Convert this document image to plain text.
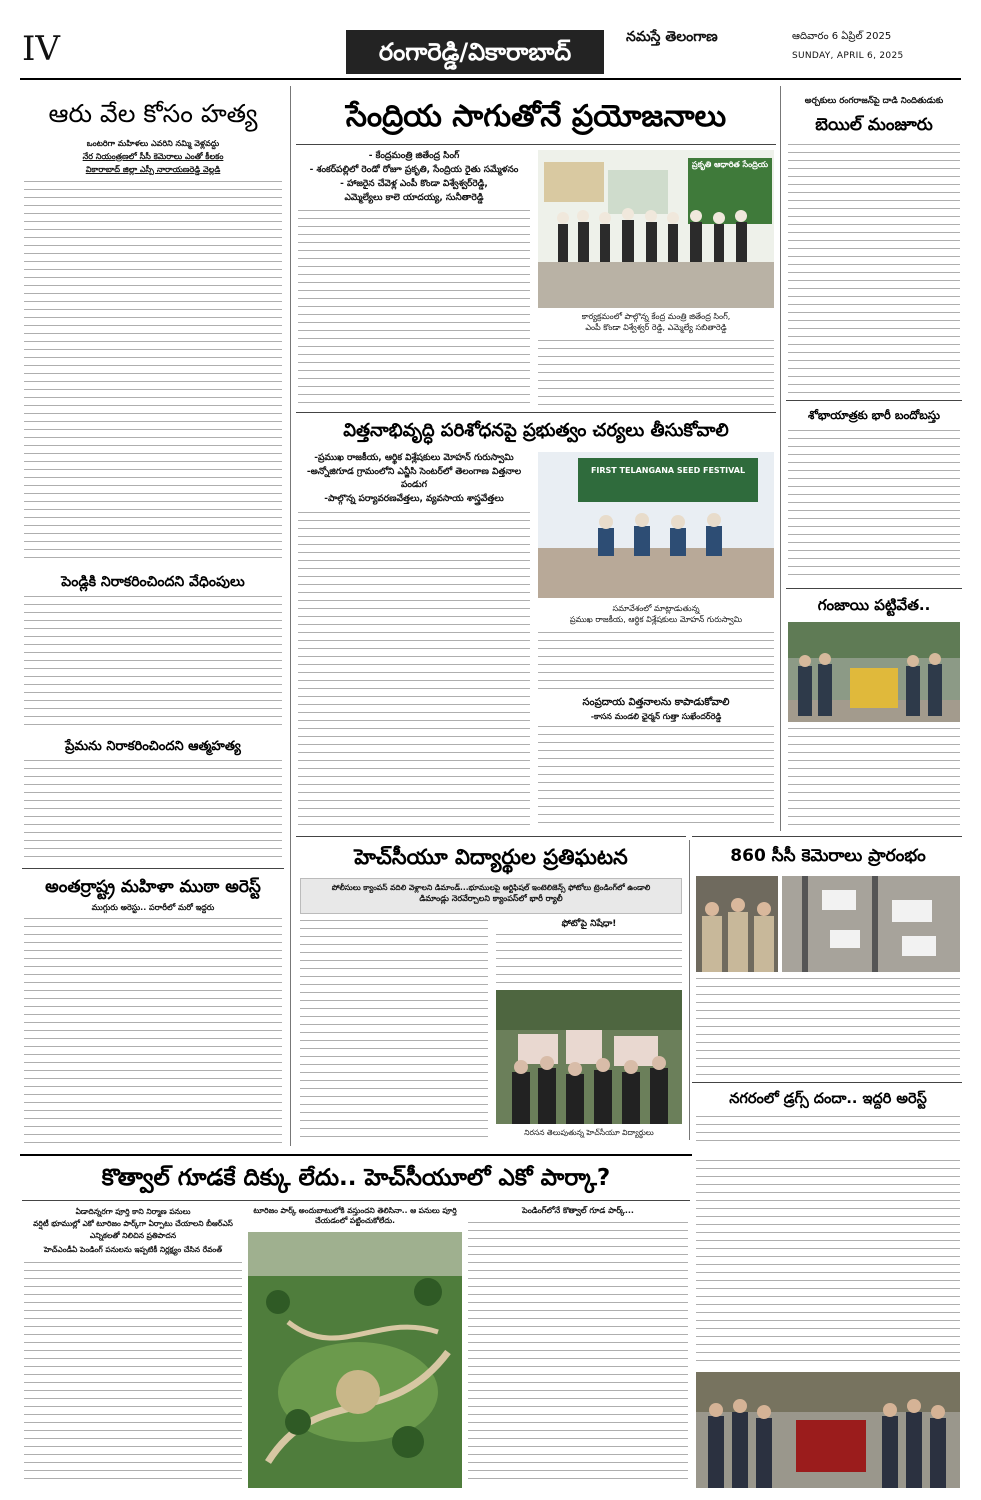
IV	రంగారెడ్డి/వికారాబాద్
నమస్తే తెలంగాణ	ఆదివారం 6 ఏప్రిల్ 2025
SUNDAY, APRIL 6, 2025
ఆరు వేల కోసం హత్య
ఒంటరిగా మహిళలు ఎవరిని నమ్మి వెళ్లవద్దు
నేర నియంత్రణలో సీసీ కెమెరాలు ఎంతో కీలకం
వికారాబాద్ జిల్లా ఎస్పీ నారాయణరెడ్డి వెల్లడి
పెండ్లికి నిరాకరించిందని వేధింపులు
ప్రేమను నిరాకరించిందని ఆత్మహత్య
అంతర్రాష్ట్ర మహిళా ముఠా అరెస్ట్
ముగ్గురు అరెస్టు.. పరారీలో మరో ఇద్దరు
సేంద్రియ సాగుతోనే ప్రయోజనాలు
- కేంద్రమంత్రి జితేంద్ర సింగ్
- శంకర్‌పల్లిలో రెండో రోజూ ప్రకృతి, సేంద్రియ రైతు సమ్మేళనం
- హాజరైన చేవెళ్ల ఎంపీ కొండా విశ్వేశ్వర్‌రెడ్డి,
ఎమ్మెల్యేలు కాలె యాదయ్య, సునీతారెడ్డి
ప్రకృతి ఆధారిత సేంద్రియ
కార్యక్రమంలో పాల్గొన్న కేంద్ర మంత్రి జితేంద్ర సింగ్,
ఎంపీ కొండా విశ్వేశ్వర్ రెడ్డి, ఎమ్మెల్యే సబితారెడ్డి
విత్తనాభివృద్ధి పరిశోధనపై ప్రభుత్వం చర్యలు తీసుకోవాలి
-ప్రముఖ రాజకీయ, ఆర్థిక విశ్లేషకులు మోహన్ గురుస్వామి
-అన్నోజిగూడ గ్రామంలోని ఎన్జీసి సెంటర్‌లో తెలంగాణ విత్తనాల పండుగ
-పాల్గొన్న పర్యావరణవేత్తలు, వ్యవసాయ శాస్త్రవేత్తలు
FIRST TELANGANA SEED FESTIVAL
సమావేశంలో మాట్లాడుతున్న
ప్రముఖ రాజకీయ, ఆర్థిక విశ్లేషకులు మోహన్ గురుస్వామి
సంప్రదాయ విత్తనాలను కాపాడుకోవాలి
-కాసన మండలి ఛైర్మన్ గుత్తా సుఖేందర్‌రెడ్డి
హెచ్‌సీయూ విద్యార్థుల ప్రతిఘటన
పోలీసులు క్యాంపస్ వదిలి వెళ్లాలని డిమాండ్...భూములపై ఆర్టిఫిషల్ ఇంటెలిజెన్స్ ఫోటోలు ట్రెండింగ్‌లో ఉండాలి
డిమాండ్లు నెరవేర్చాలని క్యాంపస్‌లో భారీ ర్యాలీ
ఫోటోపై నిషేధా!
నిరసన తెలుపుతున్న హెచ్‌సీయూ విద్యార్థులు
అర్చకులు రంగరాజన్‌పై దాడి నిందితుడుకు
బెయిల్ మంజూరు
శోభాయాత్రకు భారీ బందోబస్తు
గంజాయి పట్టివేత..
860 సీసీ కెమెరాలు ప్రారంభం
నగరంలో డ్రగ్స్ దందా.. ఇద్దరి అరెస్ట్
కొత్వాల్ గూడకే దిక్కు లేదు.. హెచ్‌సీయూలో ఎకో పార్కా?
ఏడాదిన్నరగా పూర్తి కాని నిర్మాణ పనులు
వర్షిటీ భూముల్లో ఎకో టూరిజం పార్క్‌గా ఏర్పాటు చేయాలని బీఆర్ఎస్
ఎన్నికలతో నిలిచిన ప్రతిపాదన
హెచ్‌ఎండీఏ పెండింగ్ పనులను ఇప్పటికీ నిర్లక్ష్యం చేసిన రేవంత్
టూరిజం పార్క్ అందుబాటులోకి వస్తుందని తెలిసినా.. ఆ పనులు పూర్తి చేయడంలో పట్టించుకోలేదు.
పెండింగ్‌లోనే కొత్వాల్ గూడ పార్క్...
